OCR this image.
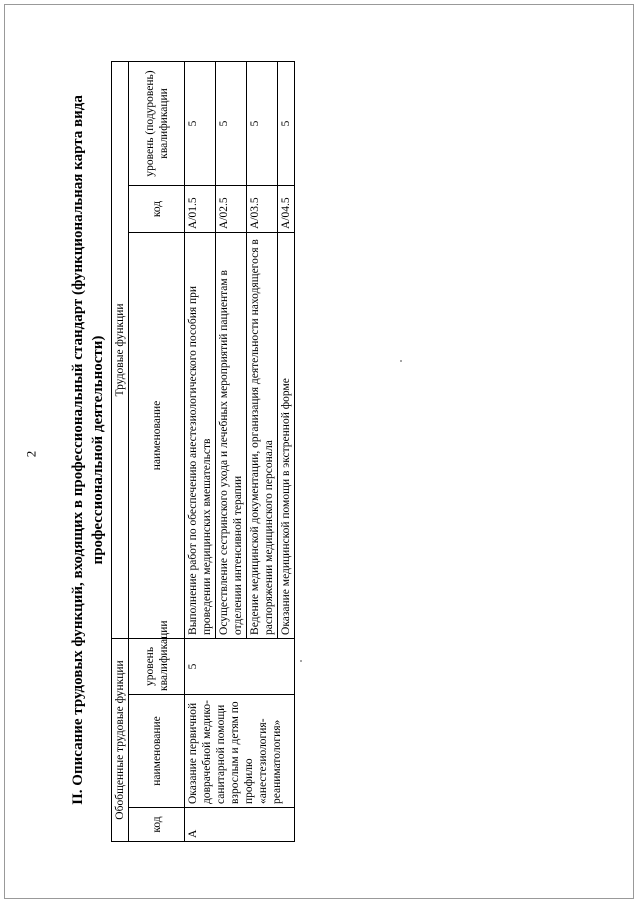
2 II. Описание трудовых функций, входящих в профессиональный стандарт (функциональная карта вида профессиональной деятельности)
Обобщенные трудовые функции			Трудовые функции		
код	наименование	уровень квалификации	наименование	код	уровень (подуровень) квалификации
A	Оказание первичной доврачебной медико-санитарной помощи взрослым и детям по профилю «анестезиология-реаниматология»	5	Выполнение работ по обеспечению анестезиологического пособия при проведении медицинских вмешательств	A/01.5	5
			Осуществление сестринского ухода и лечебных мероприятий пациентам в отделении интенсивной терапии	A/02.5	5
			Ведение медицинской документации, организация деятельности находящегося в распоряжении медицинского персонала	A/03.5	5
			Оказание медицинской помощи в экстренной форме	A/04.5	5
